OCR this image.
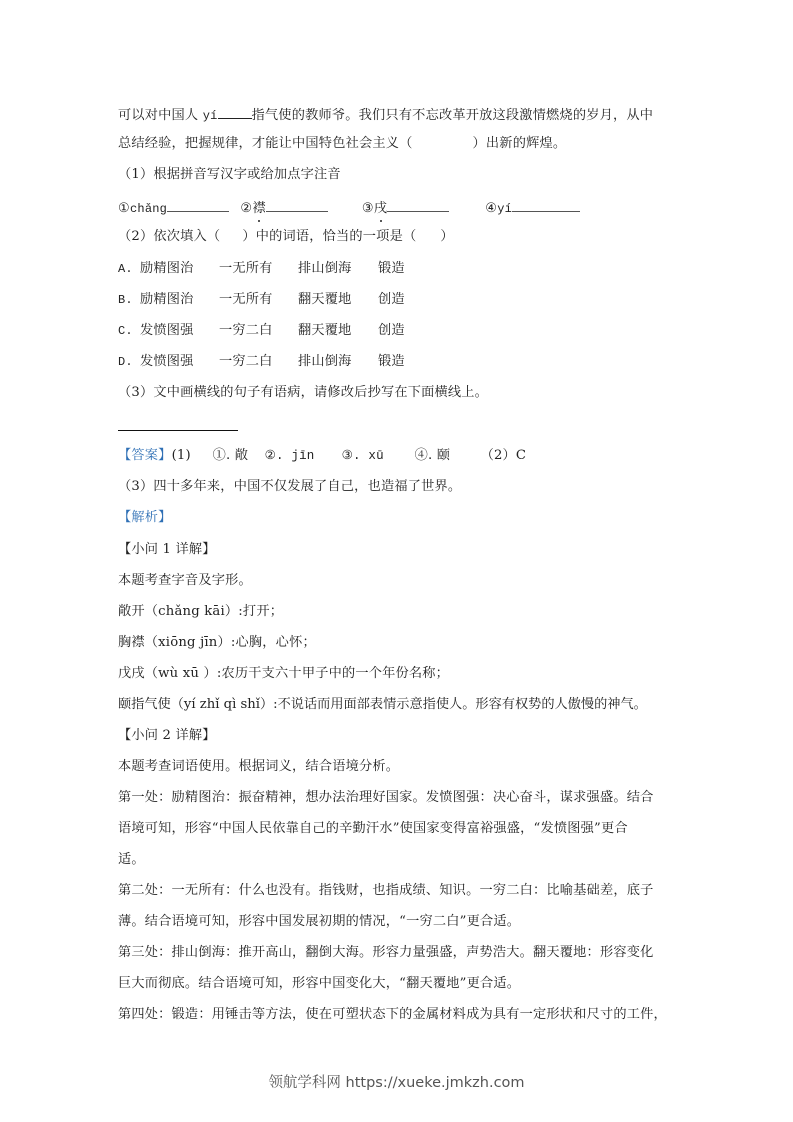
可以对中国人 yí	指气使的教师爷。我们只有不忘改革开放这段激情燃烧的岁月，从中
总结经验，把握规律，才能让中国特色社会主义（	）出新的辉煌。
（1）根据拼音写汉字或给加点字注音
①chǎng	②襟	③戌	④yí
（2）依次填入（ ）中的词语，恰当的一项是（ ）
A. 励精图治 一无所有 排山倒海 锻造
B. 励精图治 一无所有 翻天覆地 创造
C. 发愤图强 一穷二白 翻天覆地 创造
D. 发愤图强 一穷二白 排山倒海 锻造
（3）文中画横线的句子有语病，请修改后抄写在下面横线上。
【答案】(1) ①. 敞 ②. jīn ③. xū ④. 颐 （2）C
（3）四十多年来，中国不仅发展了自己，也造福了世界。
【解析】
【小问 1 详解】
本题考查字音及字形。
敞开（chǎng kāi）:打开；
胸襟（xiōng jīn）:心胸，心怀；
戊戌（wù xū ）:农历干支六十甲子中的一个年份名称；
颐指气使（yí zhǐ qì shǐ）:不说话而用面部表情示意指使人。形容有权势的人傲慢的神气。
【小问 2 详解】
本题考查词语使用。根据词义，结合语境分析。
第一处：励精图治：振奋精神，想办法治理好国家。发愤图强：决心奋斗，谋求强盛。结合
语境可知，形容“中国人民依靠自己的辛勤汗水”使国家变得富裕强盛，“发愤图强”更合
适。
第二处：一无所有：什么也没有。指钱财，也指成绩、知识。一穷二白：比喻基础差，底子
薄。结合语境可知，形容中国发展初期的情况，“一穷二白”更合适。
第三处：排山倒海：推开高山，翻倒大海。形容力量强盛，声势浩大。翻天覆地：形容变化
巨大而彻底。结合语境可知，形容中国变化大，“翻天覆地”更合适。
第四处：锻造：用锤击等方法，使在可塑状态下的金属材料成为具有一定形状和尺寸的工件，
领航学科网 https://xueke.jmkzh.com
